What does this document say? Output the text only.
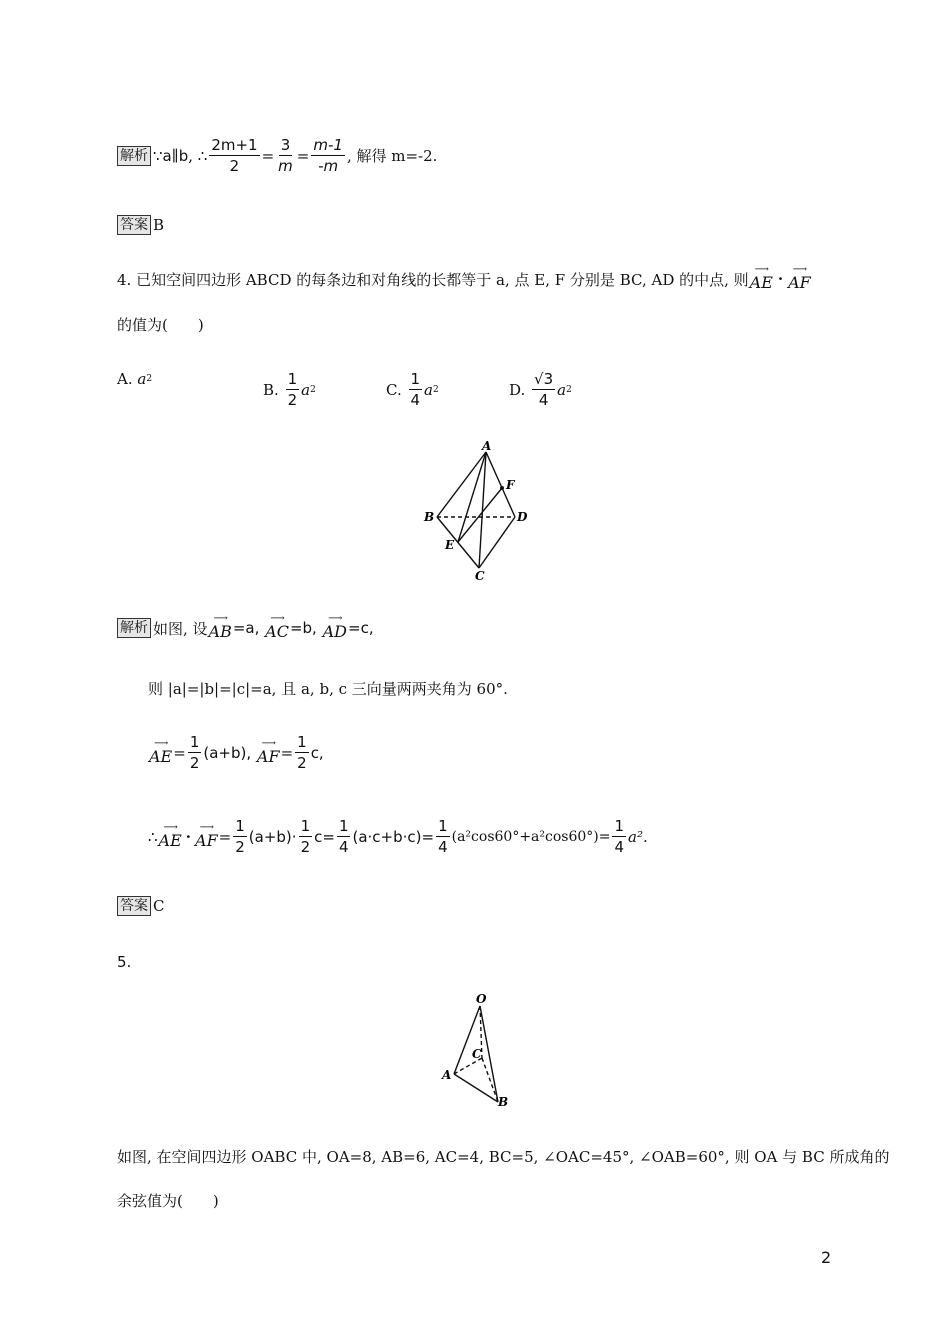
解析 ∵ a ∥ b , ∴ $\frac{2m+1}{2} = \frac{3}{m} = \frac{m-1}{-m}$ , 解得 m=-2.
答案 B
4. 已知空间四边形 ABCD 的每条边和对角线的长都等于 a, 点 E, F 分别是 BC, AD 的中点, 则
⟶
AE ·
⟶
AF
的值为(　　)
A.
a 2
B.
$\frac{1}{2}$ a 2	C.
$\frac{1}{4}$ a 2	D.
$\frac{√3}{4}$ a 2
A
B
C
D
E
F
解析 如图, 设
⟶
AB =a,

⟶
AC =b,

⟶
AD =c,
则 |a|=|b|=|c|=a, 且 a, b, c 三向量两两夹角为 60°.
⟶
AE = $\frac{1}{2} (a+b)$,

⟶
AF = $\frac{1}{2} c$,
∴
⟶
AE ·
⟶
AF = $\frac{1}{2} (a+b)\cdot \frac{1}{2} c= \frac{1}{4} (a\cdot c+b\cdot c)= \frac{1}{4} (a^2\cos 60^\circ+a^2\cos 60^\circ)= \frac{1}{4} a^2$.
答案 C
5.
O
A
B
C
如图, 在空间四边形 OABC 中, OA=8, AB=6, AC=4, BC=5, ∠OAC=45°, ∠OAB=60°, 则 OA 与 BC 所成角的
余弦值为(　　)
2
